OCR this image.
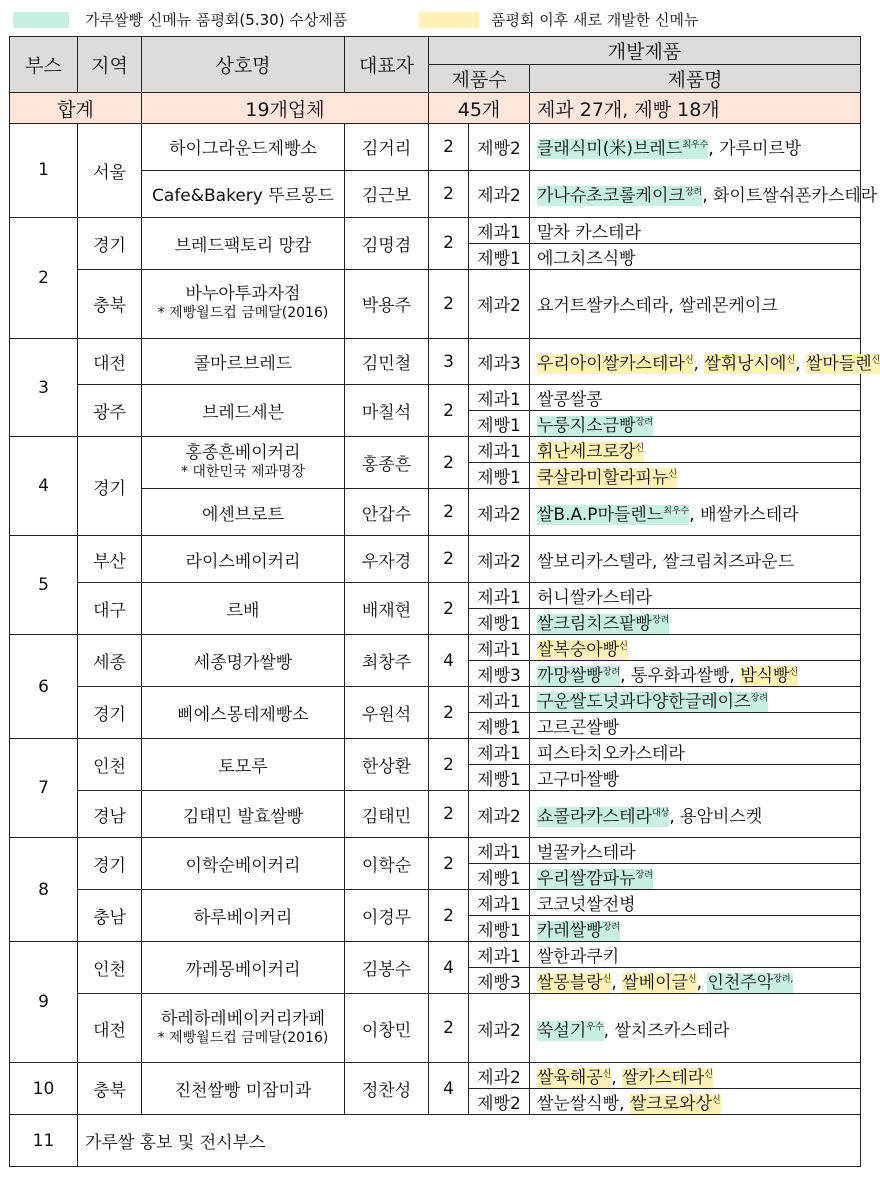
가루쌀빵 신메뉴 품평회(5.30) 수상제품	품평회 이후 새로 개발한 신메뉴
부스	지역	상호명	대표자	개발제품		
				제품수		제품명
합계		19개업체		45개		제과 27개, 제빵 18개
1	서울	하이그라운드제빵소	김거리	2	제빵2	클래식미(米)브레드$^{최우수}$, 가루미르방

		Cafe&Bakery 뚜르몽드	김근보	2	제과2	가나슈초코롤케이크$^{장려}$, 화이트쌀쉬폰카스테라

2	경기	브레드팩토리 망캄	김명겸	2	제과1	말차 카스테라
					제빵1	에그치즈식빵
	충북	바누아투과자점
* 제빵월드컵 금메달(2016)	박용주	2	제과2	요거트쌀카스테라, 쌀레몬케이크

3	대전	콜마르브레드	김민철	3	제과3	우리아이쌀카스테라$^신$, 쌀휘낭시에$^신$, 쌀마들렌$^신$

	광주	브레드세븐	마칠석	2	제과1	쌀콩쌀콩
					제빵1	누룽지소금빵$^{장려}$
4	경기	홍종흔베이커리
* 대한민국 제과명장	홍종흔	2	제과1	휘난세크로캉$^신$
					제빵1	쿡살라미할라피뉴$^신$
		에센브로트	안갑수	2	제과2	쌀B.A.P마들렌느$^{최우수}$, 배쌀카스테라

5	부산	라이스베이커리	우자경	2	제과2	쌀보리카스텔라, 쌀크림치즈파운드

	대구	르배	배재현	2	제과1	허니쌀카스테라
					제빵1	쌀크림치즈팥빵$^{장려}$
6	세종	세종명가쌀빵	최창주	4	제과1	쌀복숭아빵$^신$
					제빵3	까망쌀빵$^{장려}$, 통우화과쌀빵, 밤식빵$^신$
	경기	삐에스몽테제빵소	우원석	2	제과1	구운쌀도넛과다양한글레이즈$^{장려}$
					제빵1	고르곤쌀빵
7	인천	토모루	한상환	2	제과1	피스타치오카스테라
					제빵1	고구마쌀빵
	경남	김태민 발효쌀빵	김태민	2	제과2	쇼콜라카스테라$^{대상}$, 용암비스켓

8	경기	이학순베이커리	이학순	2	제과1	벌꿀카스테라
					제빵1	우리쌀깜파뉴$^{장려}$
	충남	하루베이커리	이경무	2	제과1	코코넛쌀전병
					제빵1	카레쌀빵$^{장려}$
9	인천	까레몽베이커리	김봉수	4	제과1	쌀한과쿠키
					제빵3	쌀몽블랑$^신$, 쌀베이글$^신$, 인천주악$^{장려,}$
	대전	하레하레베이커리카페
* 제빵월드컵 금메달(2016)	이창민	2	제과2	쑥설기$^{우수}$, 쌀치즈카스테라

10	충북	진천쌀빵 미잠미과	정찬성	4	제과2	쌀육해공$^신$, 쌀카스테라$^신$
					제빵2	쌀눈쌀식빵, 쌀크로와상$^신$
11	가루쌀 홍보 및 전시부스					
